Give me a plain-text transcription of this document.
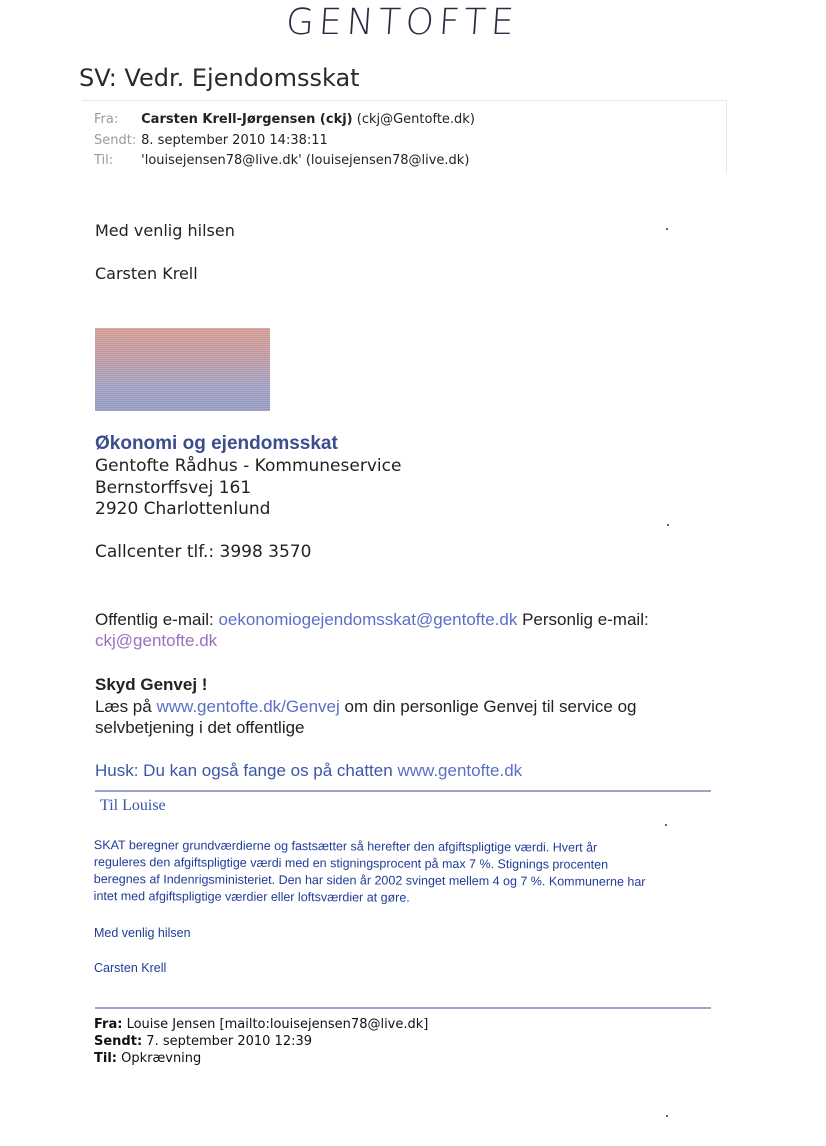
GENTOFTE
SV: Vedr. Ejendomsskat
Fra: Carsten Krell-Jørgensen (ckj) (ckj@Gentofte.dk)
Sendt: 8. september 2010 14:38:11
Til: 'louisejensen78@live.dk' (louisejensen78@live.dk)
Med venlig hilsen
Carsten Krell
Økonomi og ejendomsskat
Gentofte Rådhus - Kommuneservice
Bernstorffsvej 161
2920 Charlottenlund
Callcenter tlf.: 3998 3570
Offentlig e-mail: oekonomiogejendomsskat@gentofte.dk Personlig e-mail:
ckj@gentofte.dk
Skyd Genvej !
Læs på www.gentofte.dk/Genvej om din personlige Genvej til service og
selvbetjening i det offentlige
Husk: Du kan også fange os på chatten www.gentofte.dk
Til Louise

SKAT beregner grundværdierne og fastsætter så herefter den afgiftspligtige værdi. Hvert år

reguleres den afgiftspligtige værdi med en stigningsprocent på max 7 %. Stignings procenten

beregnes af Indenrigsministeriet. Den har siden år 2002 svinget mellem 4 og 7 %. Kommunerne har

intet med afgiftspligtige værdier eller loftsværdier at gøre.

Med venlig hilsen
Carsten Krell
Fra: Louise Jensen [mailto:louisejensen78@live.dk]
Sendt: 7. september 2010 12:39
Til: Opkrævning
